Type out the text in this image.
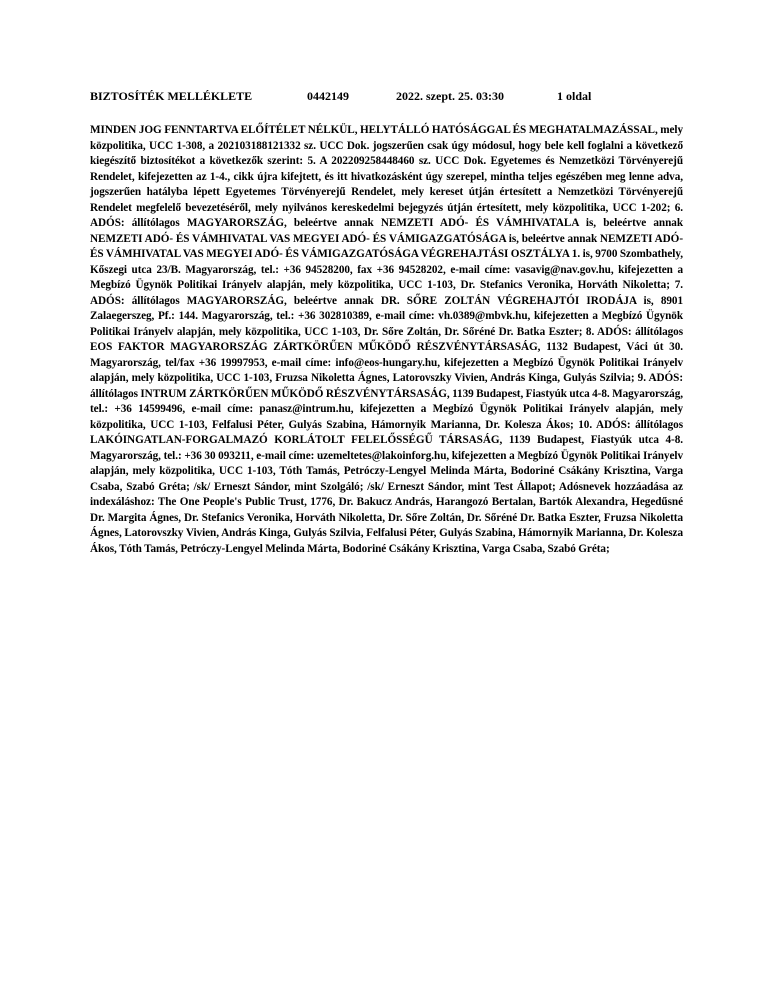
BIZTOSÍTÉK MELLÉKLETE	0442149	2022. szept. 25. 03:30	1 oldal
MINDEN JOG FENNTARTVA ELŐÍTÉLET NÉLKÜL, HELYTÁLLÓ HATÓSÁGGAL ÉS MEGHATALMAZÁSSAL, mely közpolitika, UCC 1-308, a 202103188121332 sz. UCC Dok. jogszerűen csak úgy módosul, hogy bele kell foglalni a következő kiegészítő biztosítékot a következők szerint: 5. A 202209258448460 sz. UCC Dok. Egyetemes és Nemzetközi Törvényerejű Rendelet, kifejezetten az 1-4., cikk újra kifejtett, és itt hivatkozásként úgy szerepel, mintha teljes egészében meg lenne adva, jogszerűen hatályba lépett Egyetemes Törvényerejű Rendelet, mely kereset útján értesített a Nemzetközi Törvényerejű Rendelet megfelelő bevezetéséről, mely nyilvános kereskedelmi bejegyzés útján értesített, mely közpolitika, UCC 1-202; 6. ADÓS: állítólagos MAGYARORSZÁG, beleértve annak NEMZETI ADÓ- ÉS VÁMHIVATALA is, beleértve annak NEMZETI ADÓ- ÉS VÁMHIVATAL VAS MEGYEI ADÓ- ÉS VÁMIGAZGATÓSÁGA is, beleértve annak NEMZETI ADÓ- ÉS VÁMHIVATAL VAS MEGYEI ADÓ- ÉS VÁMIGAZGATÓSÁGA VÉGREHAJTÁSI OSZTÁLYA 1. is, 9700 Szombathely, Kőszegi utca 23/B. Magyarország, tel.: +36 94528200, fax +36 94528202, e-mail címe: vasavig@nav.gov.hu, kifejezetten a Megbízó Ügynök Politikai Irányelv alapján, mely közpolitika, UCC 1-103, Dr. Stefanics Veronika, Horváth Nikoletta; 7. ADÓS: állítólagos MAGYARORSZÁG, beleértve annak DR. SŐRE ZOLTÁN VÉGREHAJTÓI IRODÁJA is, 8901 Zalaegerszeg, Pf.: 144. Magyarország, tel.: +36 302810389, e-mail címe: vh.0389@mbvk.hu, kifejezetten a Megbízó Ügynök Politikai Irányelv alapján, mely közpolitika, UCC 1-103, Dr. Sőre Zoltán, Dr. Sőréné Dr. Batka Eszter; 8. ADÓS: állítólagos EOS FAKTOR MAGYARORSZÁG ZÁRTKÖRŰEN MŰKÖDŐ RÉSZVÉNYTÁRSASÁG, 1132 Budapest, Váci út 30. Magyarország, tel/fax +36 19997953, e-mail címe: info@eos-hungary.hu, kifejezetten a Megbízó Ügynök Politikai Irányelv alapján, mely közpolitika, UCC 1-103, Fruzsa Nikoletta Ágnes, Latorovszky Vivien, András Kinga, Gulyás Szilvia; 9. ADÓS: állítólagos INTRUM ZÁRTKÖRŰEN MŰKÖDŐ RÉSZVÉNYTÁRSASÁG, 1139 Budapest, Fiastyúk utca 4-8. Magyarország, tel.: +36 14599496, e-mail címe: panasz@intrum.hu, kifejezetten a Megbízó Ügynök Politikai Irányelv alapján, mely közpolitika, UCC 1-103, Felfalusi Péter, Gulyás Szabina, Hámornyik Marianna, Dr. Kolesza Ákos; 10. ADÓS: állítólagos LAKÓINGATLAN-FORGALMAZÓ KORLÁTOLT FELELŐSSÉGŰ TÁRSASÁG, 1139 Budapest, Fiastyúk utca 4-8. Magyarország, tel.: +36 30 093211, e-mail címe: uzemeltetes@lakoinforg.hu, kifejezetten a Megbízó Ügynök Politikai Irányelv alapján, mely közpolitika, UCC 1-103, Tóth Tamás, Petróczy-Lengyel Melinda Márta, Bodoriné Csákány Krisztina, Varga Csaba, Szabó Gréta; /sk/ Erneszt Sándor, mint Szolgáló; /sk/ Erneszt Sándor, mint Test Állapot; Adósnevek hozzáadása az indexáláshoz: The One People's Public Trust, 1776, Dr. Bakucz András, Harangozó Bertalan, Bartók Alexandra, Hegedűsné Dr. Margita Ágnes, Dr. Stefanics Veronika, Horváth Nikoletta, Dr. Sőre Zoltán, Dr. Sőréné Dr. Batka Eszter, Fruzsa Nikoletta Ágnes, Latorovszky Vivien, András Kinga, Gulyás Szilvia, Felfalusi Péter, Gulyás Szabina, Hámornyik Marianna, Dr. Kolesza Ákos, Tóth Tamás, Petróczy-Lengyel Melinda Márta, Bodoriné Csákány Krisztina, Varga Csaba, Szabó Gréta;
